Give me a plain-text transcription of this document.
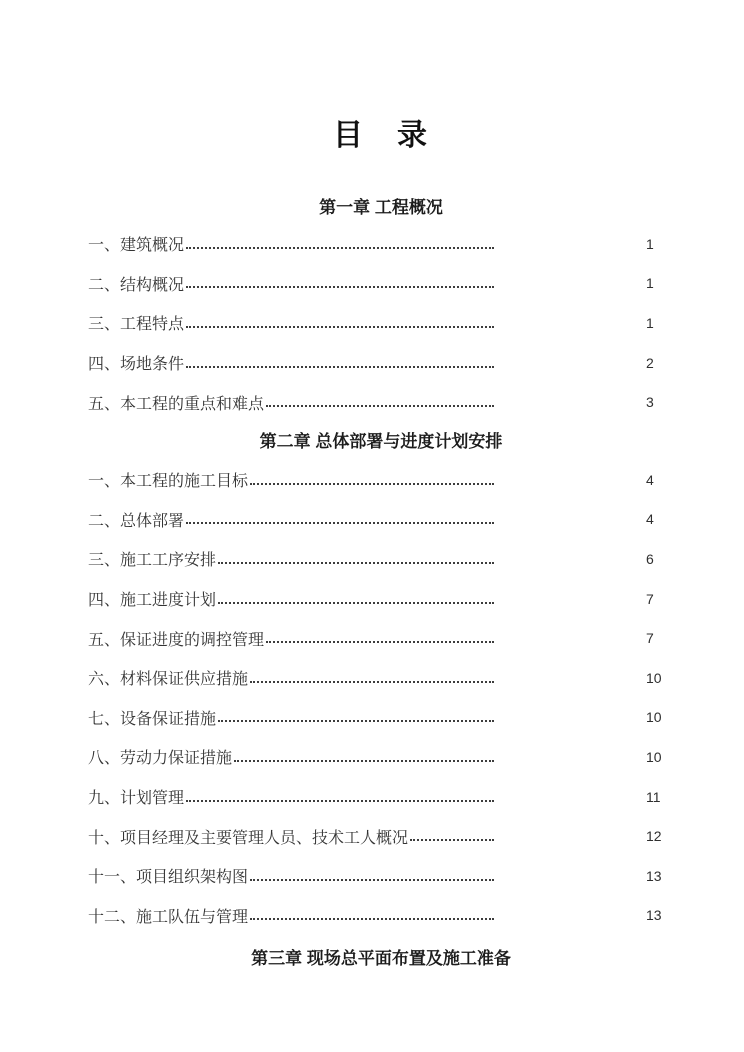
目　录
第一章 工程概况
一、建筑概况	1
二、结构概况	1
三、工程特点	1
四、场地条件	2
五、本工程的重点和难点	3
第二章 总体部署与进度计划安排
一、本工程的施工目标	4
二、总体部署	4
三、施工工序安排	6
四、施工进度计划	7
五、保证进度的调控管理	7
六、材料保证供应措施	10
七、设备保证措施	10
八、劳动力保证措施	10
九、计划管理	11
十、项目经理及主要管理人员、技术工人概况	12
十一、项目组织架构图	13
十二、施工队伍与管理	13
第三章 现场总平面布置及施工准备
